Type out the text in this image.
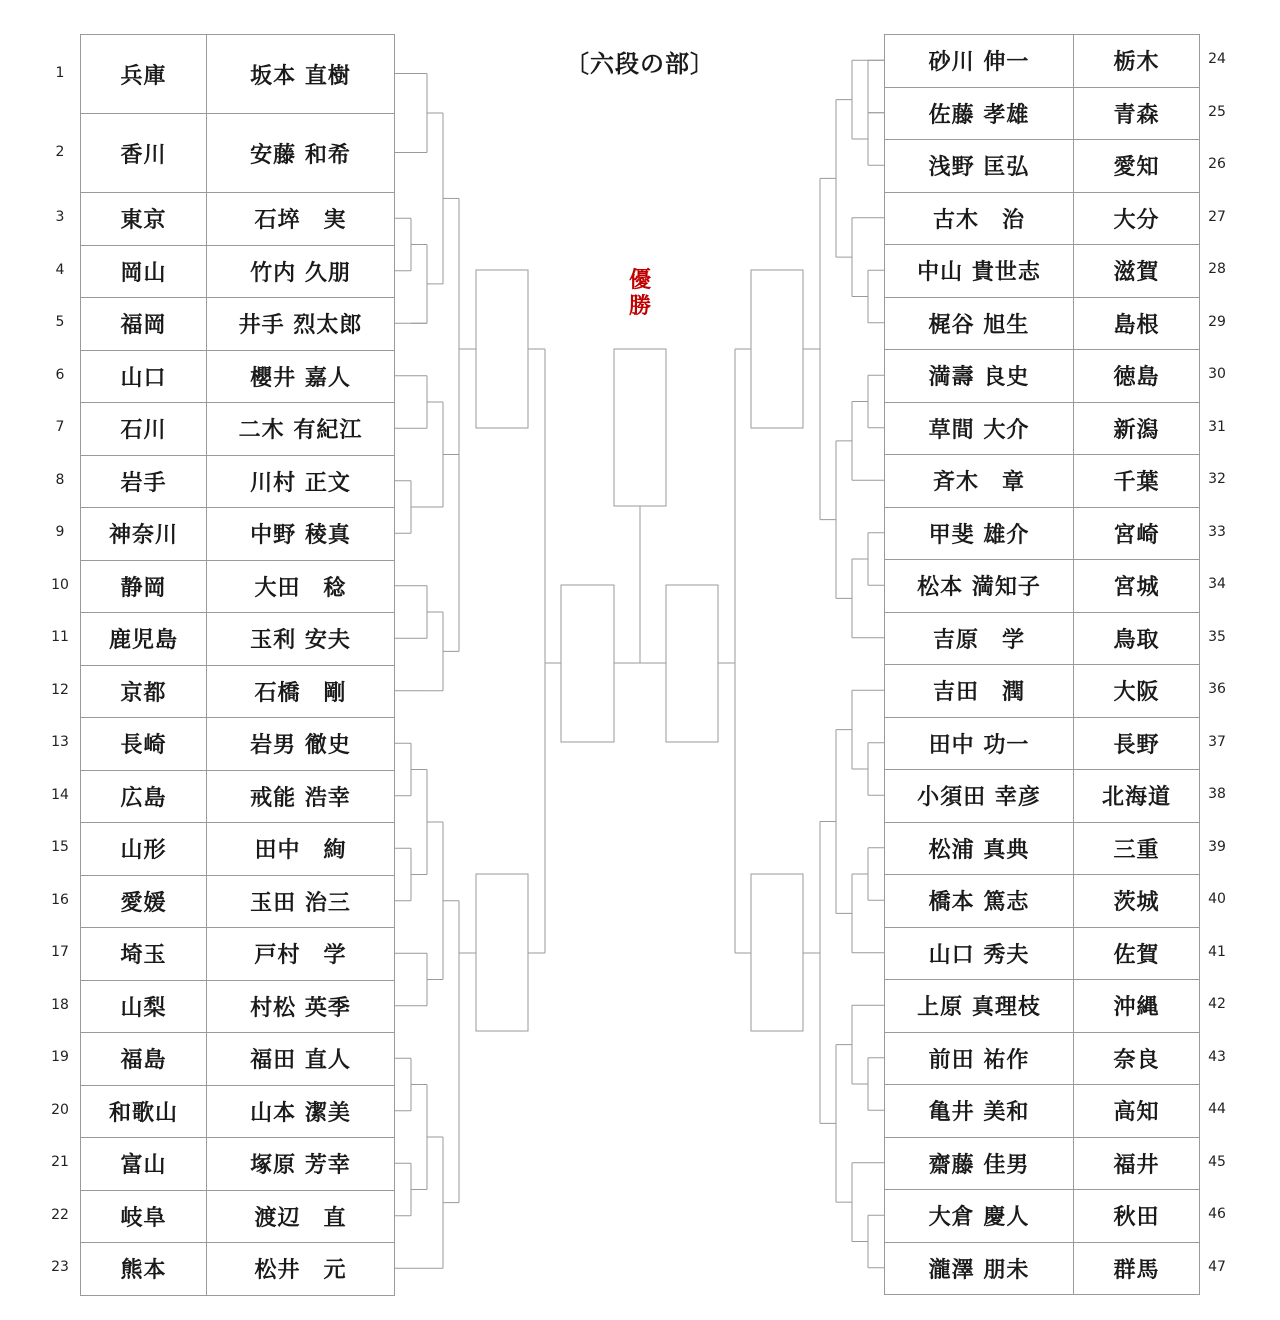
〔六段の部〕
兵庫	坂本 直樹
香川	安藤 和希
東京	石埣　実
岡山	竹内 久朋
福岡	井手 烈太郎
山口	櫻井 嘉人
石川	二木 有紀江
岩手	川村 正文
神奈川	中野 稜真
静岡	大田　稔
鹿児島	玉利 安夫
京都	石橋　剛
長崎	岩男 徹史
広島	戒能 浩幸
山形	田中　絢
愛媛	玉田 治三
埼玉	戸村　学
山梨	村松 英季
福島	福田 直人
和歌山	山本 潔美
富山	塚原 芳幸
岐阜	渡辺　直
熊本	松井　元
砂川 伸一	栃木
佐藤 孝雄	青森
浅野 匡弘	愛知
古木　治	大分
中山 貴世志	滋賀
梶谷 旭生	島根
満壽 良史	徳島
草間 大介	新潟
斉木　章	千葉
甲斐 雄介	宮崎
松本 満知子	宮城
吉原　学	鳥取
吉田　潤	大阪
田中 功一	長野
小須田 幸彦	北海道
松浦 真典	三重
橋本 篤志	茨城
山口 秀夫	佐賀
上原 真理枝	沖縄
前田 祐作	奈良
亀井 美和	高知
齋藤 佳男	福井
大倉 慶人	秋田
瀧澤 朋未	群馬
1
2
3
4
5
6
7
8
9
10
11
12
13
14
15
16
17
18
19
20
21
22
23
24
25
26
27
28
29
30
31
32
33
34
35
36
37
38
39
40
41
42
43
44
45
46
47
優
勝
